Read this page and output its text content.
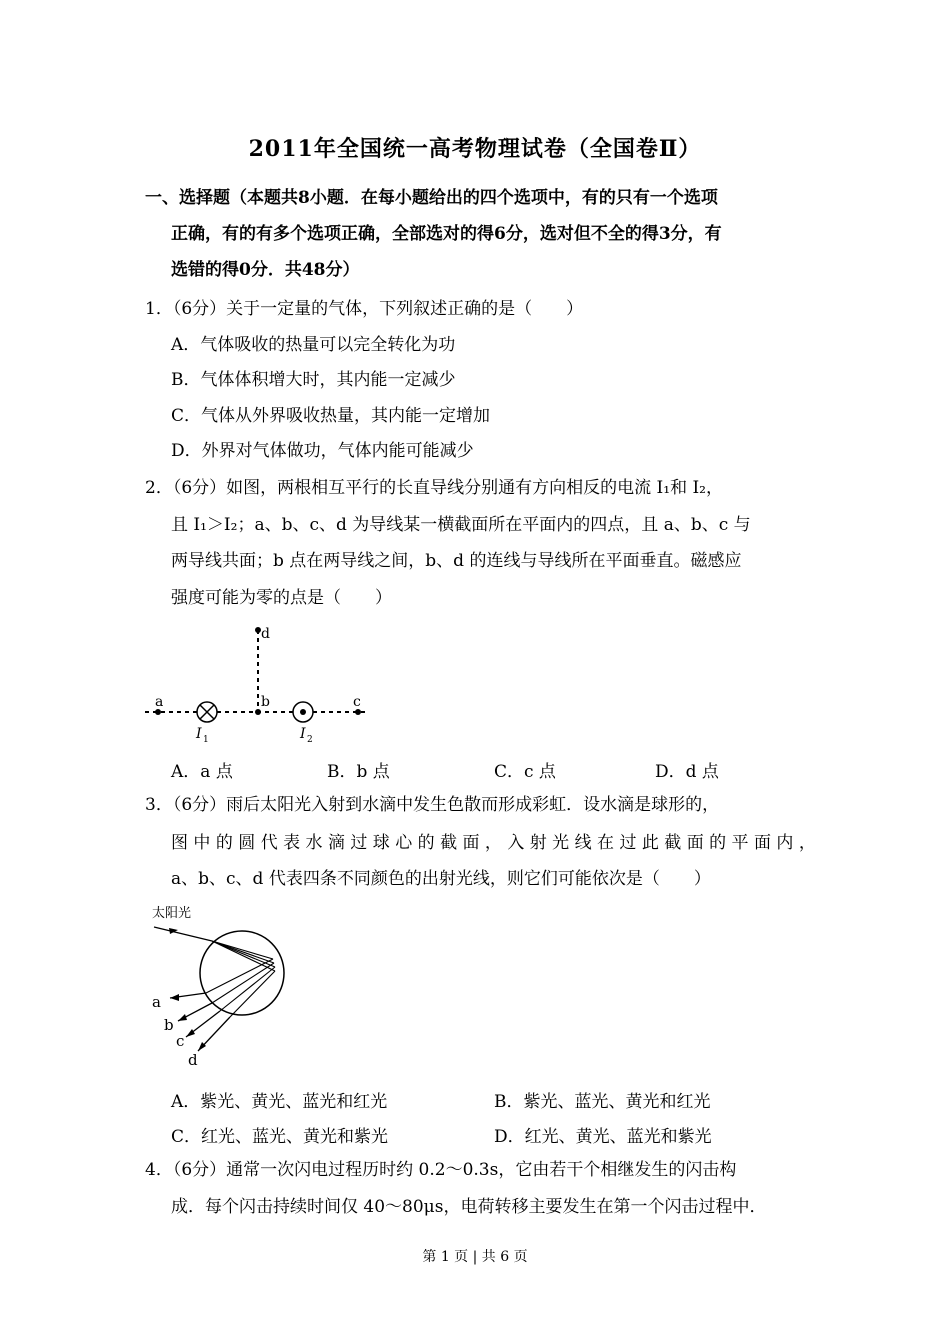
2011年全国统一高考物理试卷（全国卷Ⅱ）
一、选择题（本题共8小题．在每小题给出的四个选项中，有的只有一个选项
正确，有的有多个选项正确，全部选对的得6分，选对但不全的得3分，有
选错的得0分．共48分）
1．（6分）关于一定量的气体，下列叙述正确的是（　　）
A．气体吸收的热量可以完全转化为功
B．气体体积增大时，其内能一定减少
C．气体从外界吸收热量，其内能一定增加
D．外界对气体做功，气体内能可能减少
2．（6分）如图，两根相互平行的长直导线分别通有方向相反的电流 I₁和 I₂，
且 I₁＞I₂；a、b、c、d 为导线某一横截面所在平面内的四点，且 a、b、c 与
两导线共面；b 点在两导线之间，b、d 的连线与导线所在平面垂直。磁感应
强度可能为零的点是（　　）
a	b	c
d
I 1	I 2
A．a 点	B．b 点	C．c 点	D．d 点
3．（6分）雨后太阳光入射到水滴中发生色散而形成彩虹．设水滴是球形的，
图 中 的 圆 代 表 水 滴 过 球 心 的 截 面 ， 入 射 光 线 在 过 此 截 面 的 平 面 内 ，
a、b、c、d 代表四条不同颜色的出射光线，则它们可能依次是（　　）
太阳光
a
b
c
d
A．紫光、黄光、蓝光和红光	B．紫光、蓝光、黄光和红光
C．红光、蓝光、黄光和紫光	D．红光、黄光、蓝光和紫光
4．（6分）通常一次闪电过程历时约 0.2～0.3s，它由若干个相继发生的闪击构
成．每个闪击持续时间仅 40～80μs，电荷转移主要发生在第一个闪击过程中．
第 1 页 | 共 6 页
